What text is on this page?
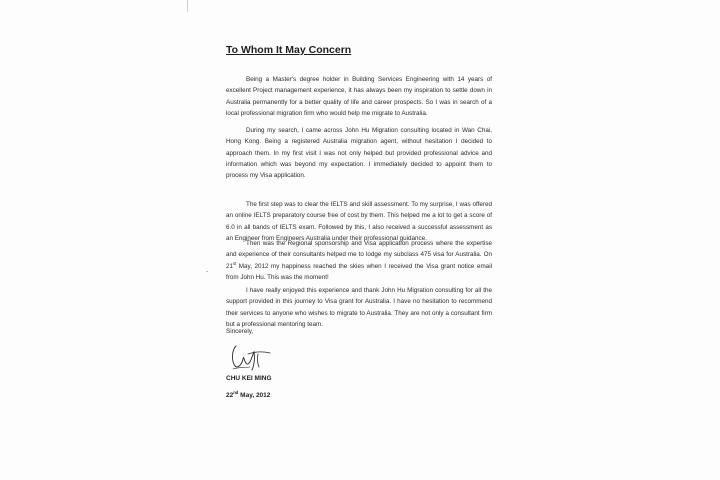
To Whom It May Concern

Being a Master's degree holder in Building Services Engineering with 14 years of excellent Project management experience, it has always been my inspiration to settle down in Australia permanently for a better quality of life and career prospects. So I was in search of a local professional migration firm who would help me migrate to Australia.

During my search, I came across John Hu Migration consulting located in Wan Chai, Hong Kong. Being a registered Australia migration agent, without hesitation I decided to approach them. In my first visit I was not only helped but provided professional advice and information which was beyond my expectation. I immediately decided to appoint them to process my Visa application.

The first step was to clear the IELTS and skill assessment. To my surprise, I was offered an online IELTS preparatory course free of cost by them. This helped me a lot to get a score of 6.0 in all bands of IELTS exam. Followed by this, I also received a successful assessment as an Engineer from Engineers Australia under their professional guidance.

Then was the Regional sponsorship and Visa application process where the expertise and experience of their consultants helped me to lodge my subclass 475 visa for Australia. On 21st May, 2012 my happiness reached the skies when I received the Visa grant notice email from John Hu. This was the moment!

I have really enjoyed this experience and thank John Hu Migration consulting for all the support provided in this journey to Visa grant for Australia. I have no hesitation to recommend their services to anyone who wishes to migrate to Australia. They are not only a consultant firm but a professional mentoring team.

Sincerely,
CHU KEI MING
22nd May, 2012
